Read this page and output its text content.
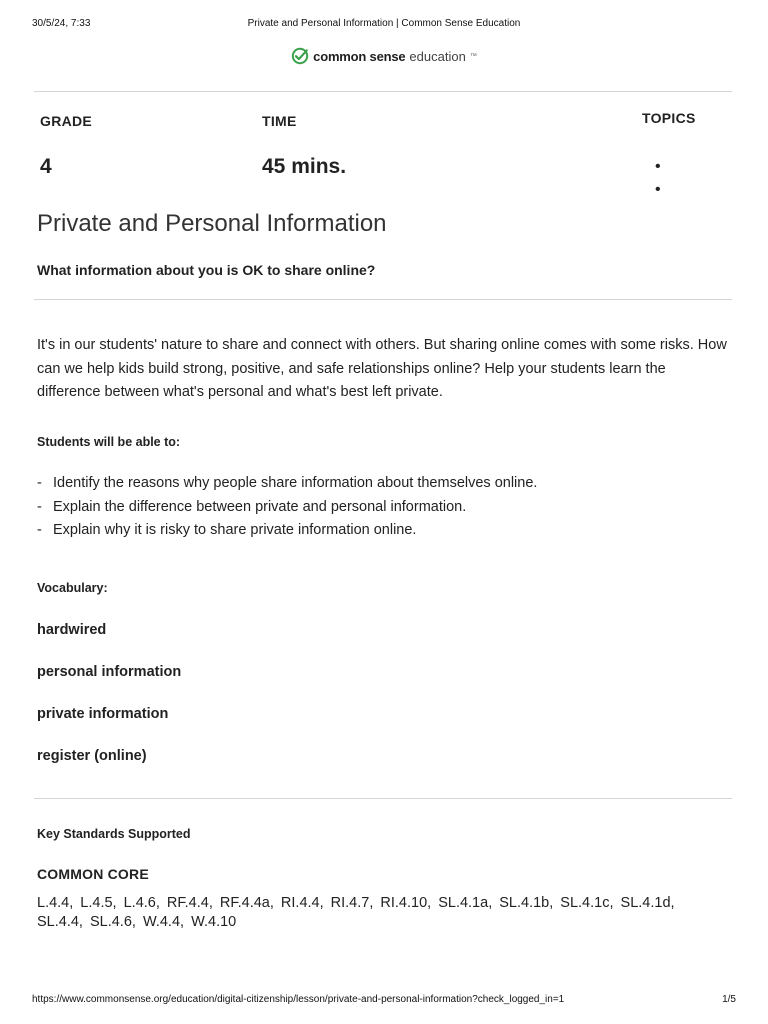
30/5/24, 7:33	Private and Personal Information | Common Sense Education
common sense education ™
GRADE
4
TIME
45 mins.
TOPICS
•
•
Private and Personal Information
What information about you is OK to share online?

It's in our students' nature to share and connect with others. But sharing online comes with some risks. How can we help kids build strong, positive, and safe relationships online? Help your students learn the difference between what's personal and what's best left private.

Students will be able to:
- Identify the reasons why people share information about themselves online.
- Explain the difference between private and personal information.
- Explain why it is risky to share private information online.
Vocabulary:
hardwired
personal information
private information
register (online)
Key Standards Supported
COMMON CORE

L.4.4, L.4.5, L.4.6, RF.4.4, RF.4.4a, RI.4.4, RI.4.7, RI.4.10, SL.4.1a, SL.4.1b, SL.4.1c, SL.4.1d, SL.4.4, SL.4.6, W.4.4, W.4.10

https://www.commonsense.org/education/digital-citizenship/lesson/private-and-personal-information?check_logged_in=1	1/5
